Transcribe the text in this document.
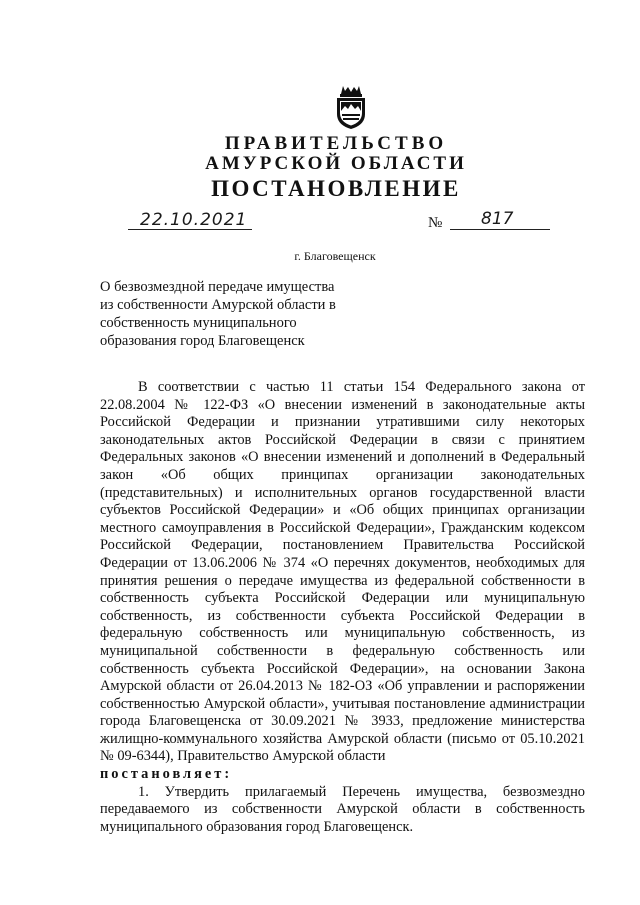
ПРАВИТЕЛЬСТВО
АМУРСКОЙ ОБЛАСТИ
ПОСТАНОВЛЕНИЕ
22.10.2021	№ 817
г. Благовещенск
О безвозмездной передаче имущества
из собственности Амурской области в
собственность муниципального
образования город Благовещенск
В соответствии с частью 11 статьи 154 Федерального закона от
22.08.2004 № 122-ФЗ «О внесении изменений в законодательные акты
Российской Федерации и признании утратившими силу некоторых
законодательных актов Российской Федерации в связи с принятием
Федеральных законов «О внесении изменений и дополнений в Федеральный
закон «Об общих принципах организации законодательных
(представительных) и исполнительных органов государственной власти
субъектов Российской Федерации» и «Об общих принципах организации
местного самоуправления в Российской Федерации», Гражданским кодексом
Российской Федерации, постановлением Правительства Российской
Федерации от 13.06.2006 № 374 «О перечнях документов, необходимых для
принятия решения о передаче имущества из федеральной собственности в
собственность субъекта Российской Федерации или муниципальную
собственность, из собственности субъекта Российской Федерации в
федеральную собственность или муниципальную собственность, из
муниципальной собственности в федеральную собственность или
собственность субъекта Российской Федерации», на основании Закона
Амурской области от 26.04.2013 № 182-ОЗ «Об управлении и распоряжении
собственностью Амурской области», учитывая постановление администрации
города Благовещенска от 30.09.2021 № 3933, предложение министерства
жилищно-коммунального хозяйства Амурской области (письмо от 05.10.2021
№ 09-6344), Правительство Амурской области
постановляет:
1. Утвердить прилагаемый Перечень имущества, безвозмездно
передаваемого из собственности Амурской области в собственность
муниципального образования город Благовещенск.
